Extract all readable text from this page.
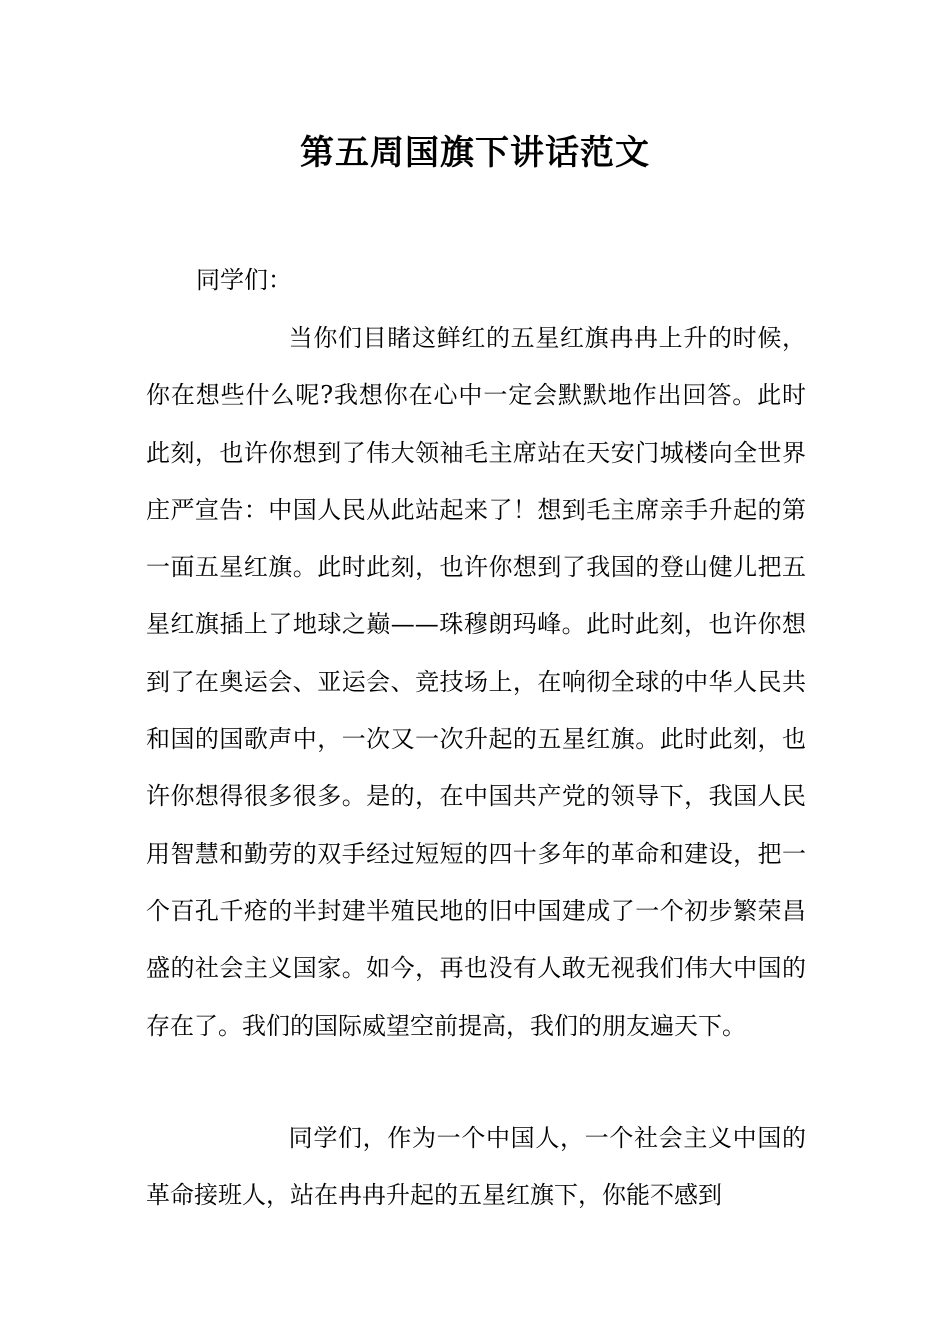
第五周国旗下讲话范文
同学们：

当你们目睹这鲜红的五星红旗冉冉上升的时候，你在想些什么呢?我想你在心中一定会默默地作出回答。此时此刻，也许你想到了伟大领袖毛主席站在天安门城楼向全世界庄严宣告：中国人民从此站起来了！想到毛主席亲手升起的第一面五星红旗。此时此刻，也许你想到了我国的登山健儿把五星红旗插上了地球之巅——珠穆朗玛峰。此时此刻，也许你想到了在奥运会、亚运会、竞技场上，在响彻全球的中华人民共和国的国歌声中，一次又一次升起的五星红旗。此时此刻，也许你想得很多很多。是的，在中国共产党的领导下，我国人民用智慧和勤劳的双手经过短短的四十多年的革命和建设，把一个百孔千疮的半封建半殖民地的旧中国建成了一个初步繁荣昌盛的社会主义国家。如今，再也没有人敢无视我们伟大中国的存在了。我们的国际威望空前提高，我们的朋友遍天下。

同学们，作为一个中国人，一个社会主义中国的革命接班人，站在冉冉升起的五星红旗下，你能不感到
